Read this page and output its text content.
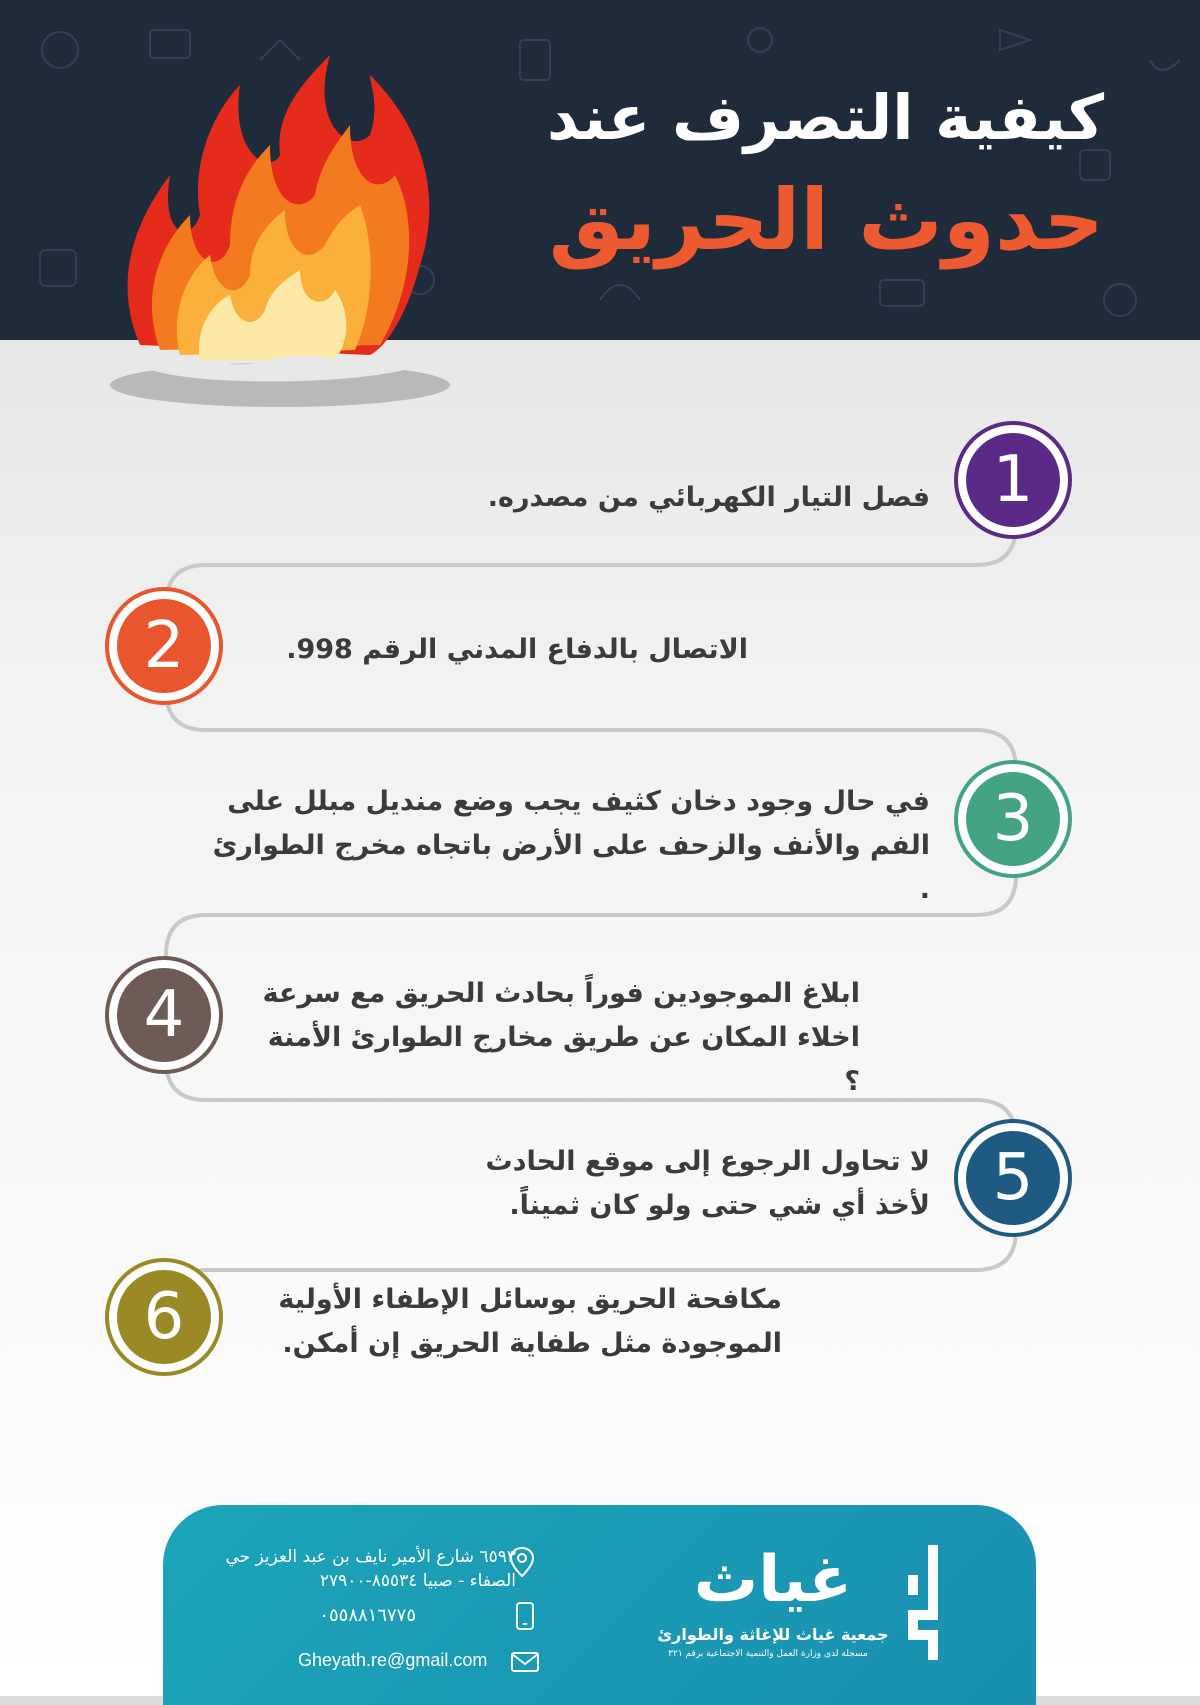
كيفية التصرف عند
حدوث الحريق
1
فصل التيار الكهربائي من مصدره.
2	الاتصال بالدفاع المدني الرقم 998.
3
في حال وجود دخان كثيف يجب وضع منديل مبلل على الفم والأنف والزحف على الأرض باتجاه مخرج الطوارئ .
4	ابلاغ الموجودين فوراً بحادث الحريق مع سرعة اخلاء المكان عن طريق مخارج الطوارئ الأمنة ؟
5
لا تحاول الرجوع إلى موقع الحادث لأخذ أي شي حتى ولو كان ثميناً.
6	مكافحة الحريق بوسائل الإطفاء الأولية الموجودة مثل طفاية الحريق إن أمكن.
٦٥٩٣ شارع الأمير نايف بن عبد العزيز حي الصفاء - صبيا ٨٥٥٣٤-٢٧٩٠٠
٠٥٥٨٨١٦٧٧٥
Gheyath.re@gmail.com
غياث
جمعية غياث للإغاثة والطوارئ
مسجلة لدى وزارة العمل والتنمية الاجتماعية برقم ٣٢١
